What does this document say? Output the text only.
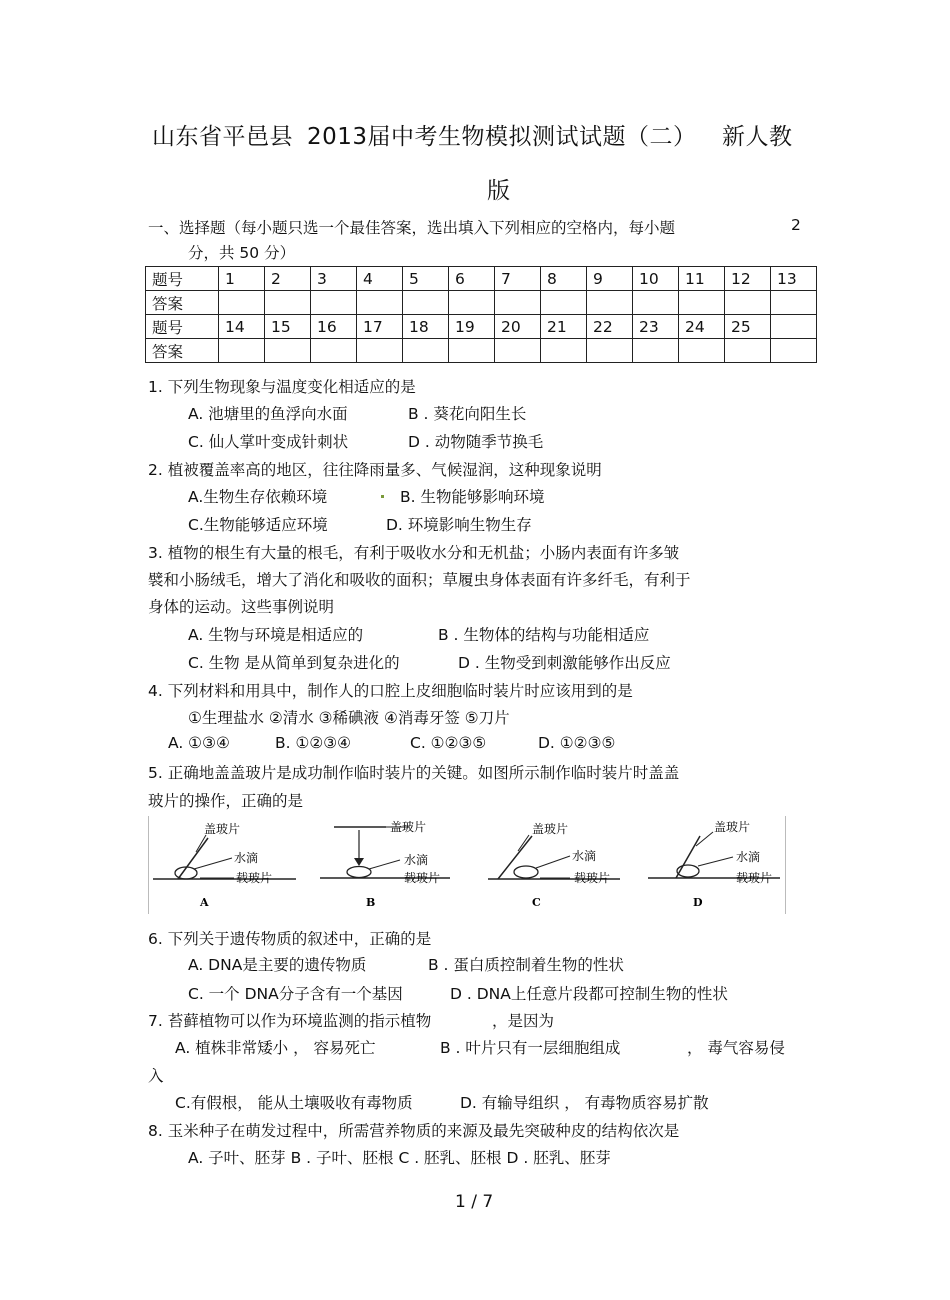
山东省平邑县 2013届中考生物模拟测试试题（二） 新人教
版
一、选择题（每小题只选一个最佳答案，选出填入下列相应的空格内，每小题	2
分，共 50 分）
题号	1	2	3	4	5	6	7	8	9	10	11	12	13
答案													
题号	14	15	16	17	18	19	20	21	22	23	24	25	
答案													
1. 下列生物现象与温度变化相适应的是
A. 池塘里的鱼浮向水面	B . 葵花向阳生长
C. 仙人掌叶变成针刺状	D . 动物随季节换毛
2. 植被覆盖率高的地区，往往降雨量多、气候湿润，这种现象说明
A.生物生存依赖环境	B. 生物能够影响环境
C.生物能够适应环境	D. 环境影响生物生存
3. 植物的根生有大量的根毛，有利于吸收水分和无机盐；小肠内表面有许多皱
襞和小肠绒毛，增大了消化和吸收的面积；草履虫身体表面有许多纤毛，有利于
身体的运动。这些事例说明
A. 生物与环境是相适应的	B . 生物体的结构与功能相适应
C. 生物 是从简单到复杂进化的	D . 生物受到刺激能够作出反应
4. 下列材料和用具中，制作人的口腔上皮细胞临时装片时应该用到的是
①生理盐水 ②清水 ③稀碘液 ④消毒牙签 ⑤刀片
A. ①③④	B. ①②③④	C. ①②③⑤	D. ①②③⑤
5. 正确地盖盖玻片是成功制作临时装片的关键。如图所示制作临时装片时盖盖
玻片的操作，正确的是
盖玻片
水滴
载玻片
A
盖玻片
水滴
载玻片
B
盖玻片
水滴
载玻片
C
盖玻片
水滴
载玻片
D
6. 下列关于遗传物质的叙述中，正确的是
A. DNA是主要的遗传物质	B . 蛋白质控制着生物的性状
C. 一个 DNA分子含有一个基因	D . DNA上任意片段都可控制生物的性状
7. 苔藓植物可以作为环境监测的指示植物	，是因为
A. 植株非常矮小 ， 容易死亡	B . 叶片只有一层细胞组成	， 毒气容易侵
入
C.有假根， 能从土壤吸收有毒物质	D. 有输导组织 ， 有毒物质容易扩散
8. 玉米种子在萌发过程中，所需营养物质的来源及最先突破种皮的结构依次是
A. 子叶、胚芽 B . 子叶、胚根 C . 胚乳、胚根 D . 胚乳、胚芽
1 / 7
